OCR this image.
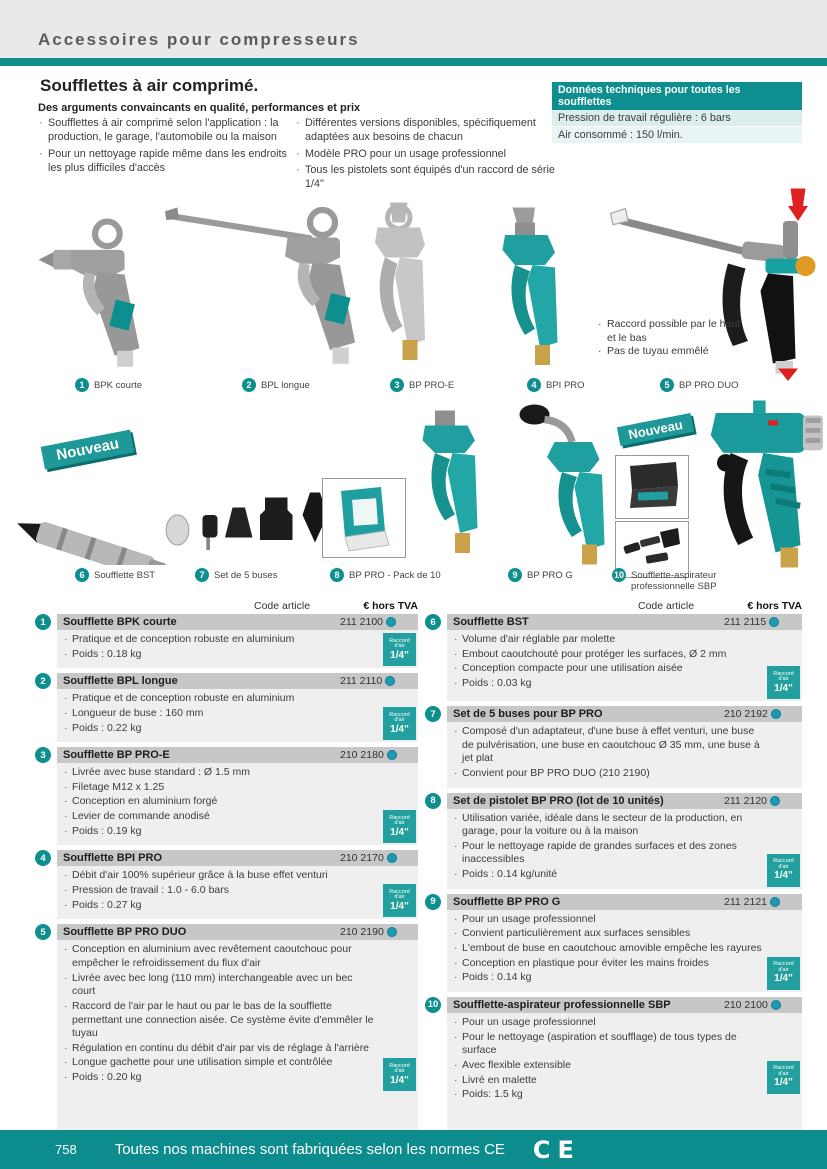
Accessoires pour compresseurs
Soufflettes à air comprimé.
Des arguments convaincants en qualité, performances et prix
· Soufflettes à air comprimé selon l'application : la production, le garage, l'automobile ou la maison
· Pour un nettoyage rapide même dans les endroits les plus difficiles d'accès
· Différentes versions disponibles, spécifiquement adaptées aux besoins de chacun
· Modèle PRO pour un usage professionnel
· Tous les pistolets sont équipés d'un raccord de série 1/4"
Données techniques pour toutes les soufflettes
Pression de travail régulière : 6 bars
Air consommé : 150 l/min.
· Raccord possible par le haut et le bas
· Pas de tuyau emmêlé
1	BPK courte	2	BPL longue	3	BP PRO-E	4	BPI PRO	5	BP PRO DUO
Nouveau
Nouveau
6	Soufflette BST	7	Set de 5 buses	8	BP PRO - Pack de 10	9	BP PRO G	10 Soufflette-aspirateur professionnelle SBP
Code article	€ hors TVA
1	Soufflette BPK courte	211 2100
· Pratique et de conception robuste en aluminium
· Poids : 0.18 kg
Raccord
d'air
1/4"
2	Soufflette BPL longue	211 2110
· Pratique et de conception robuste en aluminium
· Longueur de buse : 160 mm
· Poids : 0.22 kg
Raccord
d'air
1/4"
3	Soufflette BP PRO-E	210 2180
· Livrée avec buse standard : Ø 1.5 mm
· Filetage M12 x 1.25
· Conception en aluminium forgé
· Levier de commande anodisé
· Poids : 0.19 kg
Raccord
d'air
1/4"
4	Soufflette BPI PRO	210 2170
· Débit d'air 100% supérieur grâce à la buse effet venturi
· Pression de travail : 1.0 - 6.0 bars
· Poids : 0.27 kg
Raccord
d'air
1/4"
5	Soufflette BP PRO DUO	210 2190
· Conception en aluminium avec revêtement caoutchouc pour empêcher le refroidissement du flux d'air
· Livrée avec bec long (110 mm) interchangeable avec un bec court
· Raccord de l'air par le haut ou par le bas de la soufflette permettant une connection aisée. Ce système évite d'emmêler le tuyau
· Régulation en continu du débit d'air par vis de réglage à l'arrière
· Longue gachette pour une utilisation simple et contrôlée
· Poids : 0.20 kg
Raccord
d'air
1/4"
Code article	€ hors TVA
6	Soufflette BST	211 2115
· Volume d'air réglable par molette
· Embout caoutchouté pour protéger les surfaces, Ø 2 mm
· Conception compacte pour une utilisation aisée
· Poids : 0.03 kg
Raccord
d'air
1/4"
7	Set de 5 buses pour BP PRO	210 2192
· Composé d'un adaptateur, d'une buse à effet venturi, une buse de pulvérisation, une buse en caoutchouc Ø 35 mm, une buse à jet plat
· Convient pour BP PRO DUO (210 2190)
8	Set de pistolet BP PRO (lot de 10 unités)	211 2120
· Utilisation variée, idéale dans le secteur de la production, en garage, pour la voiture ou à la maison
· Pour le nettoyage rapide de grandes surfaces et des zones inaccessibles
· Poids : 0.14 kg/unité
Raccord
d'air
1/4"
9	Soufflette BP PRO G	211 2121
· Pour un usage professionnel
· Convient particulièrement aux surfaces sensibles
· L'embout de buse en caoutchouc amovible empêche les rayures
· Conception en plastique pour éviter les mains froides
· Poids : 0.14 kg
Raccord
d'air
1/4"
10 Soufflette-aspirateur professionnelle SBP	210 2100
· Pour un usage professionnel
· Pour le nettoyage (aspiration et soufflage) de tous types de surface
· Avec flexible extensible
· Livré en malette
· Poids: 1.5 kg
Raccord
d'air
1/4"
758	Toutes nos machines sont fabriquées selon les normes CE CE
